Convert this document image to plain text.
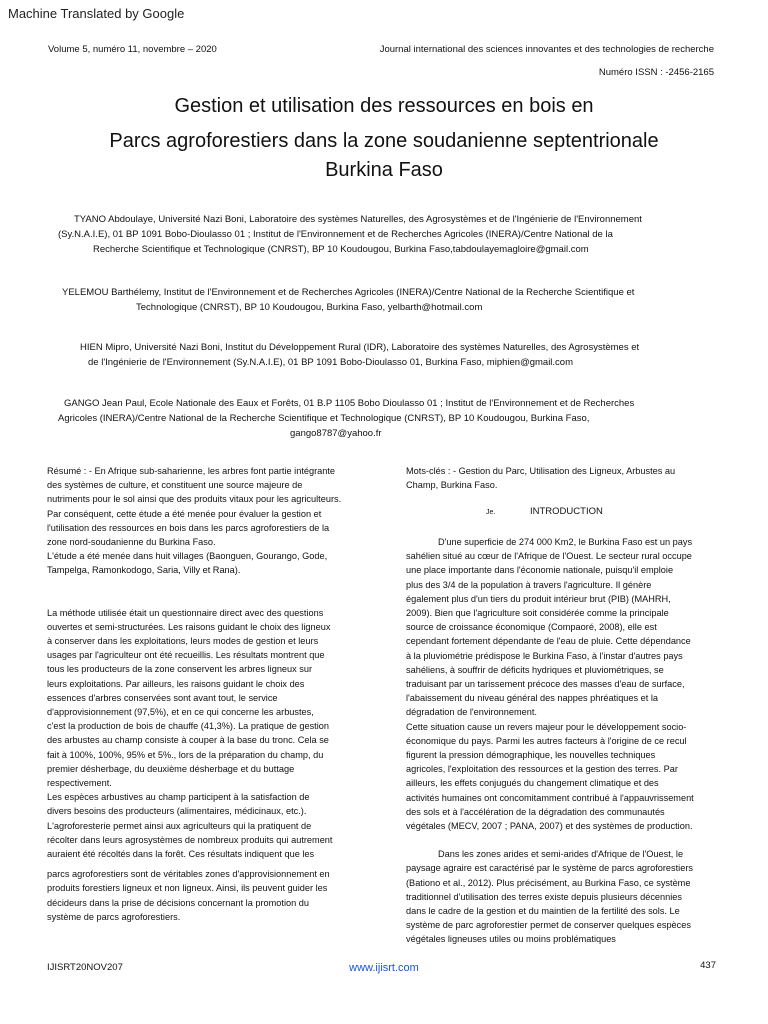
Machine Translated by Google
Volume 5, numéro 11, novembre – 2020	Journal international des sciences innovantes et des technologies de recherche
Numéro ISSN : -2456-2165
Gestion et utilisation des ressources en bois en
Parcs agroforestiers dans la zone soudanienne septentrionale
Burkina Faso
TYANO Abdoulaye, Université Nazi Boni, Laboratoire des systèmes Naturelles, des Agrosystèmes et de l'Ingénierie de l'Environnement
(Sy.N.A.I.E), 01 BP 1091 Bobo-Dioulasso 01 ; Institut de l'Environnement et de Recherches Agricoles (INERA)/Centre National de la
Recherche Scientifique et Technologique (CNRST), BP 10 Koudougou, Burkina Faso,tabdoulayemagloire@gmail.com
YELEMOU Barthélemy, Institut de l'Environnement et de Recherches Agricoles (INERA)/Centre National de la Recherche Scientifique et
Technologique (CNRST), BP 10 Koudougou, Burkina Faso, yelbarth@hotmail.com
HIEN Mipro, Université Nazi Boni, Institut du Développement Rural (IDR), Laboratoire des systèmes Naturelles, des Agrosystèmes et
de l'Ingénierie de l'Environnement (Sy.N.A.I.E), 01 BP 1091 Bobo-Dioulasso 01, Burkina Faso, miphien@gmail.com
GANGO Jean Paul, Ecole Nationale des Eaux et Forêts, 01 B.P 1105 Bobo Dioulasso 01 ; Institut de l'Environnement et de Recherches
Agricoles (INERA)/Centre National de la Recherche Scientifique et Technologique (CNRST), BP 10 Koudougou, Burkina Faso,
gango8787@yahoo.fr

Résumé : - En Afrique sub-saharienne, les arbres font partie intégrante

des systèmes de culture, et constituent une source majeure de

nutriments pour le sol ainsi que des produits vitaux pour les agriculteurs.

Par conséquent, cette étude a été menée pour évaluer la gestion et

l'utilisation des ressources en bois dans les parcs agroforestiers de la

zone nord-soudanienne du Burkina Faso.

L'étude a été menée dans huit villages (Baonguen, Gourango, Gode,

Tampelga, Ramonkodogo, Saria, Villy et Rana).

La méthode utilisée était un questionnaire direct avec des questions

ouvertes et semi-structurées. Les raisons guidant le choix des ligneux

à conserver dans les exploitations, leurs modes de gestion et leurs

usages par l'agriculteur ont été recueillis. Les résultats montrent que

tous les producteurs de la zone conservent les arbres ligneux sur

leurs exploitations. Par ailleurs, les raisons guidant le choix des

essences d'arbres conservées sont avant tout, le service

d'approvisionnement (97,5%), et en ce qui concerne les arbustes,

c'est la production de bois de chauffe (41,3%). La pratique de gestion

des arbustes au champ consiste à couper à la base du tronc. Cela se

fait à 100%, 100%, 95% et 5%., lors de la préparation du champ, du

premier désherbage, du deuxième désherbage et du buttage

respectivement.

Les espèces arbustives au champ participent à la satisfaction de

divers besoins des producteurs (alimentaires, médicinaux, etc.).

L'agroforesterie permet ainsi aux agriculteurs qui la pratiquent de

récolter dans leurs agrosystèmes de nombreux produits qui autrement

auraient été récoltés dans la forêt. Ces résultats indiquent que les

parcs agroforestiers sont de véritables zones d'approvisionnement en

produits forestiers ligneux et non ligneux. Ainsi, ils peuvent guider les

décideurs dans la prise de décisions concernant la promotion du

système de parcs agroforestiers.

Mots-clés : - Gestion du Parc, Utilisation des Ligneux, Arbustes au

Champ, Burkina Faso.

Je.	INTRODUCTION

D'une superficie de 274 000 Km2, le Burkina Faso est un pays

sahélien situé au cœur de l'Afrique de l'Ouest. Le secteur rural occupe

une place importante dans l'économie nationale, puisqu'il emploie

plus des 3/4 de la population à travers l'agriculture. Il génère

également plus d'un tiers du produit intérieur brut (PIB) (MAHRH,

2009). Bien que l'agriculture soit considérée comme la principale

source de croissance économique (Compaoré, 2008), elle est

cependant fortement dépendante de l'eau de pluie. Cette dépendance

à la pluviométrie prédispose le Burkina Faso, à l'instar d'autres pays

sahéliens, à souffrir de déficits hydriques et pluviométriques, se

traduisant par un tarissement précoce des masses d'eau de surface,

l'abaissement du niveau général des nappes phréatiques et la

dégradation de l'environnement.

Cette situation cause un revers majeur pour le développement socio-

économique du pays. Parmi les autres facteurs à l'origine de ce recul

figurent la pression démographique, les nouvelles techniques

agricoles, l'exploitation des ressources et la gestion des terres. Par

ailleurs, les effets conjugués du changement climatique et des

activités humaines ont concomitamment contribué à l'appauvrissement

des sols et à l'accélération de la dégradation des communautés

végétales (MECV, 2007 ; PANA, 2007) et des systèmes de production.

Dans les zones arides et semi-arides d'Afrique de l'Ouest, le

paysage agraire est caractérisé par le système de parcs agroforestiers

(Bationo et al., 2012). Plus précisément, au Burkina Faso, ce système

traditionnel d'utilisation des terres existe depuis plusieurs décennies

dans le cadre de la gestion et du maintien de la fertilité des sols. Le

système de parc agroforestier permet de conserver quelques espèces

végétales ligneuses utiles ou moins problématiques

IJISRT20NOV207	www.ijisrt.com	437
